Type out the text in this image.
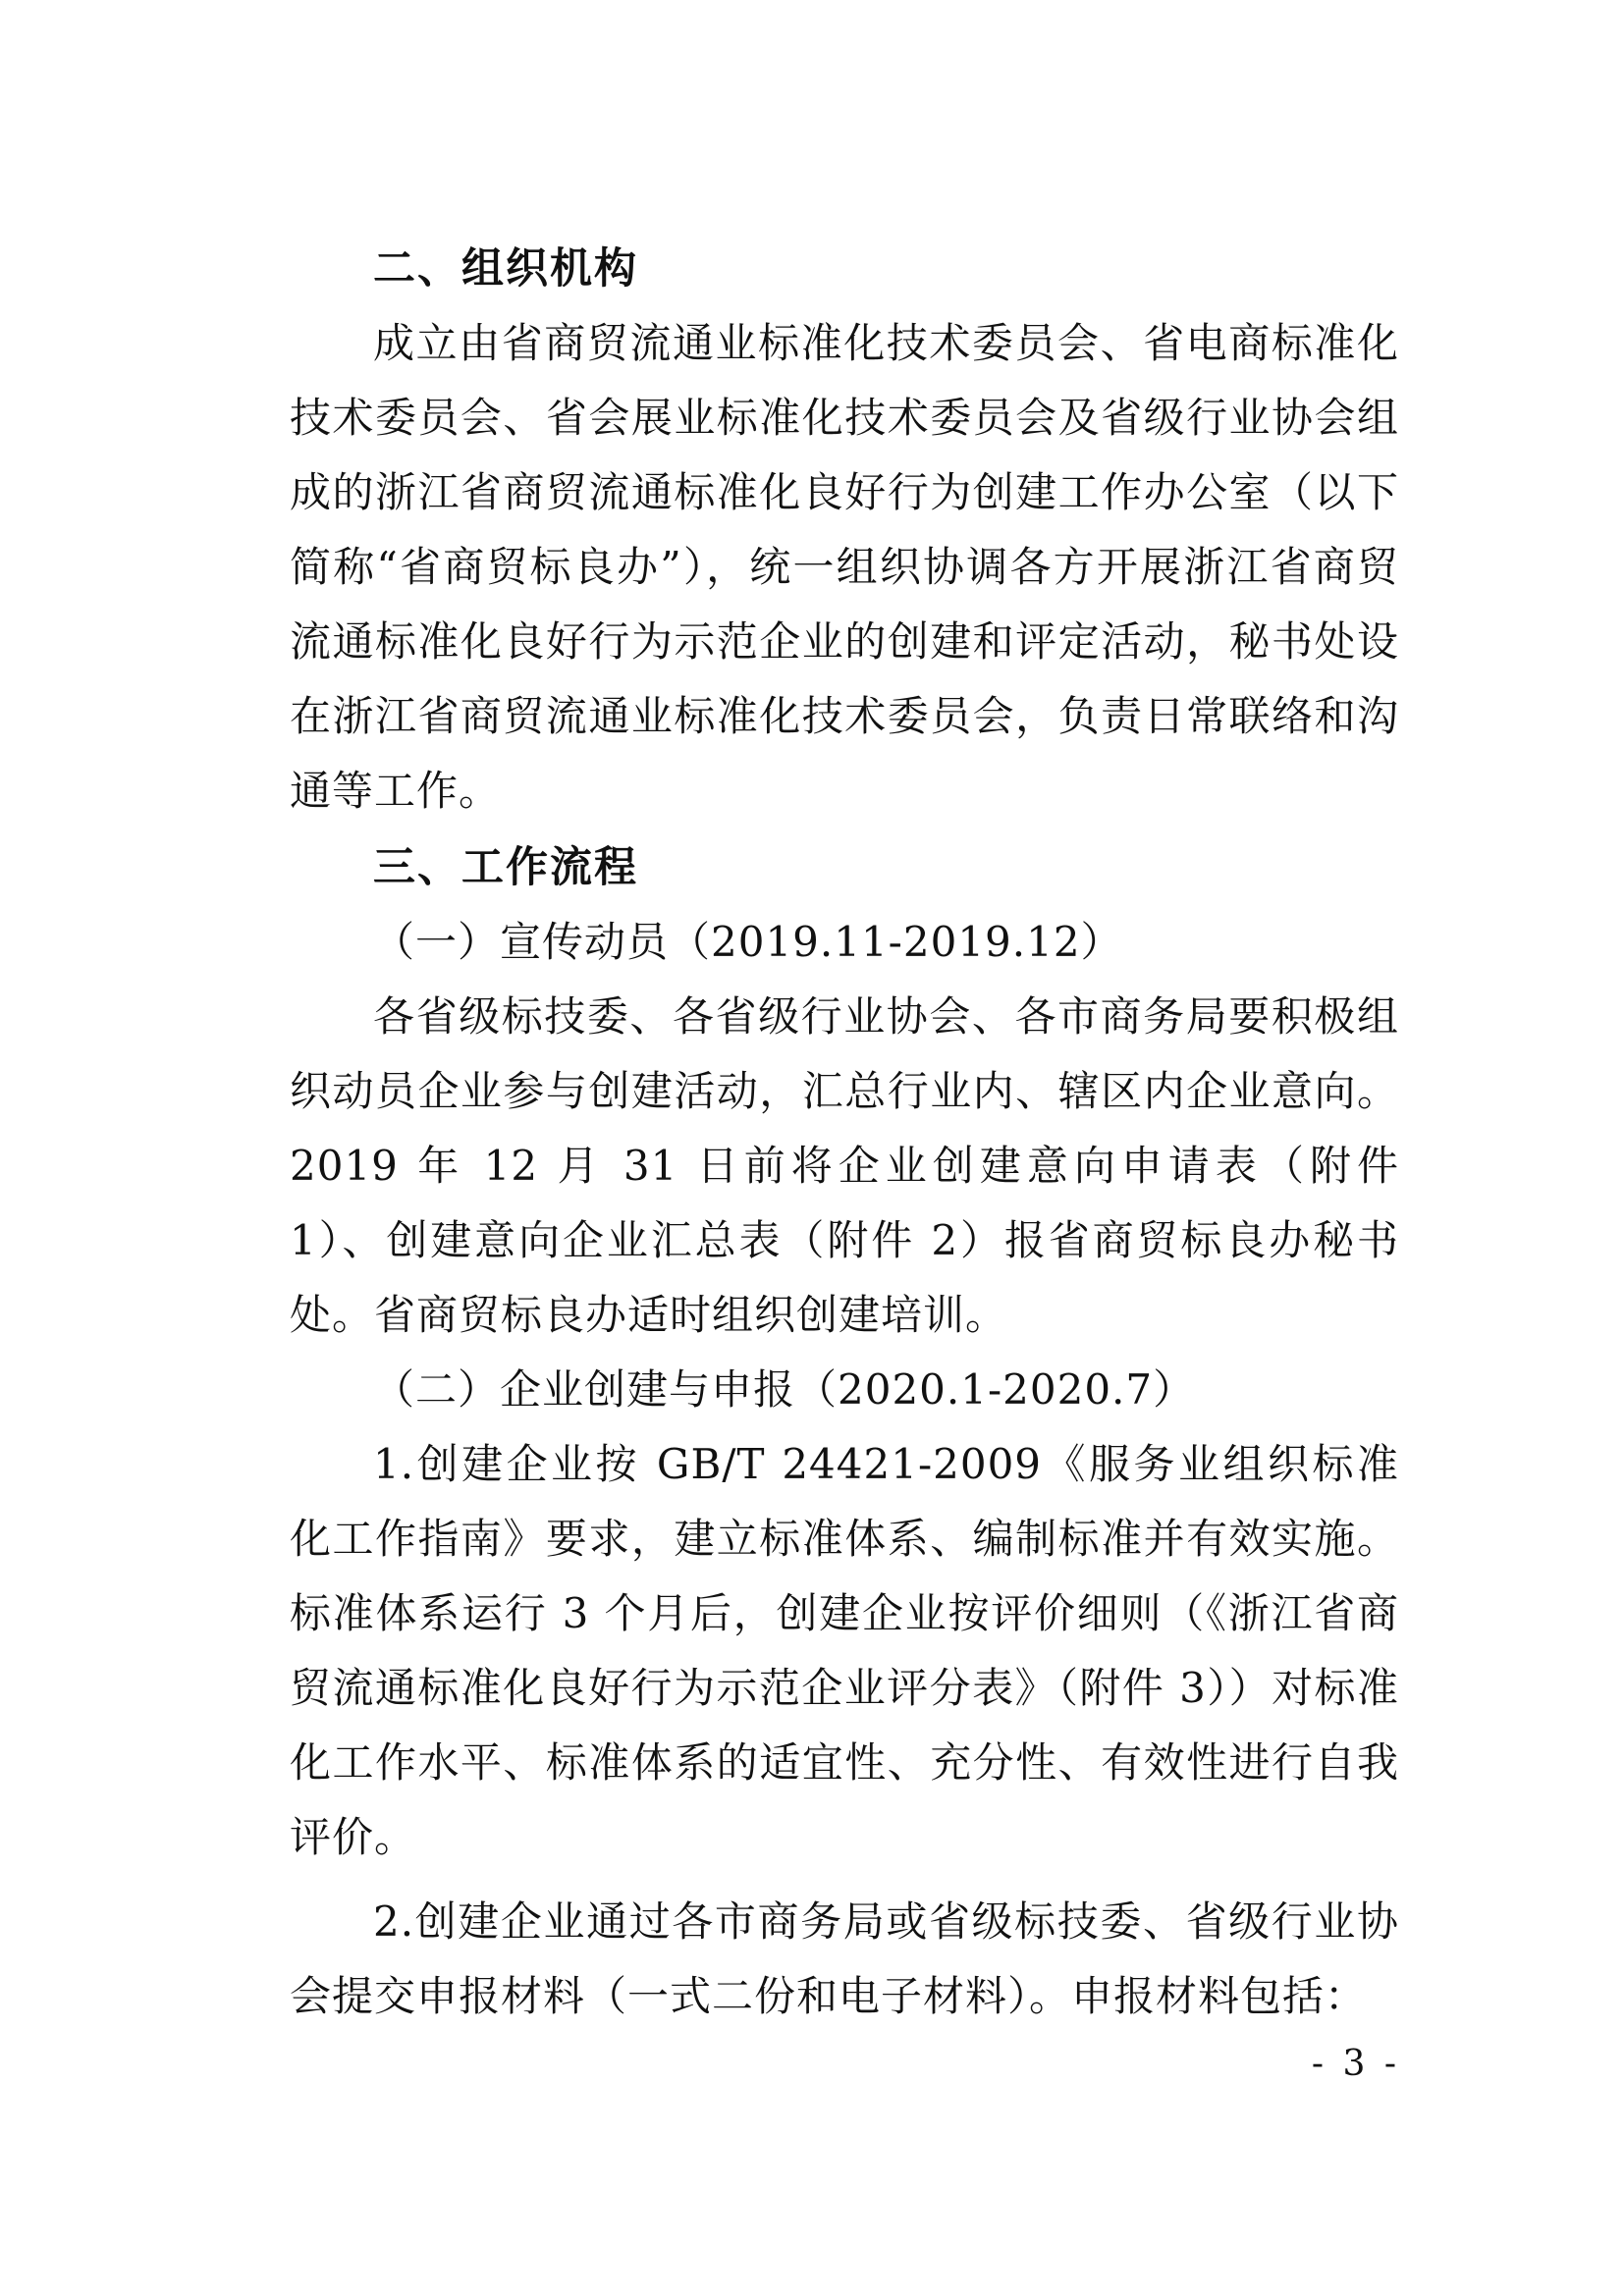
二、组织机构

成立由省商贸流通业标准化技术委员会、省电商标准化技术委员会、省会展业标准化技术委员会及省级行业协会组成的浙江省商贸流通标准化良好行为创建工作办公室（以下简称“省商贸标良办”），统一组织协调各方开展浙江省商贸流通标准化良好行为示范企业的创建和评定活动，秘书处设在浙江省商贸流通业标准化技术委员会，负责日常联络和沟通等工作。

三、工作流程

（一）宣传动员（2019.11-2019.12）

各省级标技委、各省级行业协会、各市商务局要积极组织动员企业参与创建活动，汇总行业内、辖区内企业意向。2019 年 12 月 31 日前将企业创建意向申请表（附件 1）、创建意向企业汇总表（附件 2）报省商贸标良办秘书处。省商贸标良办适时组织创建培训。

（二）企业创建与申报（2020.1-2020.7）

1.创建企业按 GB/T 24421-2009《服务业组织标准化工作指南》要求，建立标准体系、编制标准并有效实施。标准体系运行 3 个月后，创建企业按评价细则（《浙江省商贸流通标准化良好行为示范企业评分表》（附件 3））对标准化工作水平、标准体系的适宜性、充分性、有效性进行自我评价。

2.创建企业通过各市商务局或省级标技委、省级行业协会提交申报材料（一式二份和电子材料）。申报材料包括：

- 3 -
